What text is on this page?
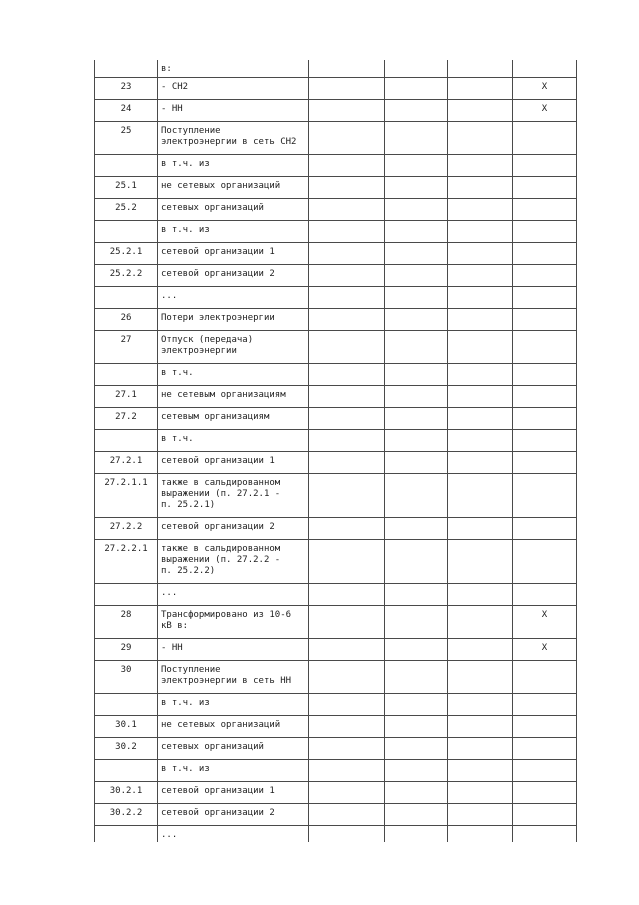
	в:				
23	- СН2				X
24	- НН				X
25	Поступление
электроэнергии в сеть СН2				
	в т.ч. из				
25.1	не сетевых организаций				
25.2	сетевых организаций				
	в т.ч. из				
25.2.1	сетевой организации 1				
25.2.2	сетевой организации 2				
	...				
26	Потери электроэнергии				
27	Отпуск (передача)
электроэнергии				
	в т.ч.				
27.1	не сетевым организациям				
27.2	сетевым организациям				
	в т.ч.				
27.2.1	сетевой организации 1				
27.2.1.1	также в сальдированном
выражении (п. 27.2.1 -
п. 25.2.1)				
27.2.2	сетевой организации 2				
27.2.2.1	также в сальдированном
выражении (п. 27.2.2 -
п. 25.2.2)				
	...				
28	Трансформировано из 10-6
кВ в:				X
29	- НН				X
30	Поступление
электроэнергии в сеть НН				
	в т.ч. из				
30.1	не сетевых организаций				
30.2	сетевых организаций				
	в т.ч. из				
30.2.1	сетевой организации 1				
30.2.2	сетевой организации 2				
	...				
